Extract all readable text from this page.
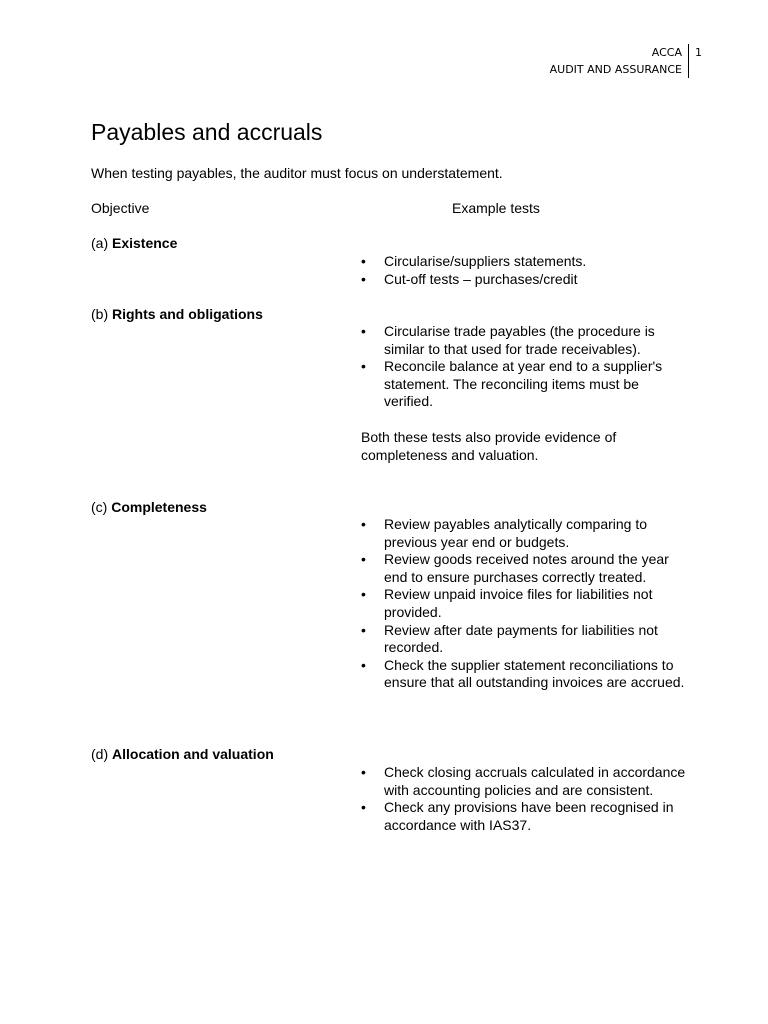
ACCA
AUDIT AND ASSURANCE
1
Payables and accruals

When testing payables, the auditor must focus on understatement.

Objective	Example tests
(a) Existence
• Circularise/suppliers statements.
• Cut-off tests – purchases/credit
(b) Rights and obligations
• Circularise trade payables (the procedure is similar to that used for trade receivables).
• Reconcile balance at year end to a supplier's statement. The reconciling items must be verified.

Both these tests also provide evidence of completeness and valuation.

(c) Completeness
• Review payables analytically comparing to previous year end or budgets.
• Review goods received notes around the year end to ensure purchases correctly treated.
• Review unpaid invoice files for liabilities not provided.
• Review after date payments for liabilities not recorded.
• Check the supplier statement reconciliations to ensure that all outstanding invoices are accrued.
(d) Allocation and valuation
• Check closing accruals calculated in accordance with accounting policies and are consistent.
• Check any provisions have been recognised in accordance with IAS37.
